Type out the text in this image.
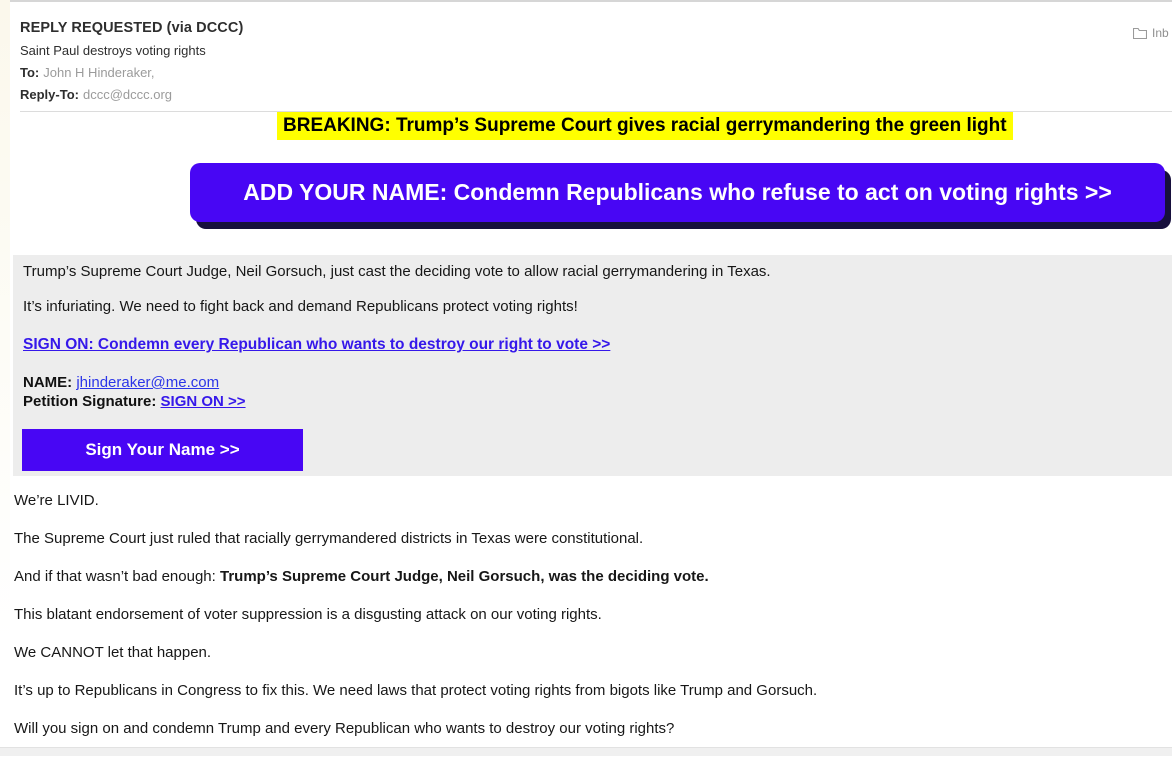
REPLY REQUESTED (via DCCC)
Saint Paul destroys voting rights
To: John H Hinderaker,
Reply-To: dccc@dccc.org
Inb
BREAKING: Trump’s Supreme Court gives racial gerrymandering the green light
ADD YOUR NAME: Condemn Republicans who refuse to act on voting rights >>
Trump’s Supreme Court Judge, Neil Gorsuch, just cast the deciding vote to allow racial gerrymandering in Texas.
It’s infuriating. We need to fight back and demand Republicans protect voting rights!
SIGN ON: Condemn every Republican who wants to destroy our right to vote >>
NAME: jhinderaker@me.com
Petition Signature: SIGN ON >>
Sign Your Name >>

We’re LIVID.

The Supreme Court just ruled that racially gerrymandered districts in Texas were constitutional.

And if that wasn’t bad enough: Trump’s Supreme Court Judge, Neil Gorsuch, was the deciding vote.

This blatant endorsement of voter suppression is a disgusting attack on our voting rights.

We CANNOT let that happen.

It’s up to Republicans in Congress to fix this. We need laws that protect voting rights from bigots like Trump and Gorsuch.

Will you sign on and condemn Trump and every Republican who wants to destroy our voting rights?
